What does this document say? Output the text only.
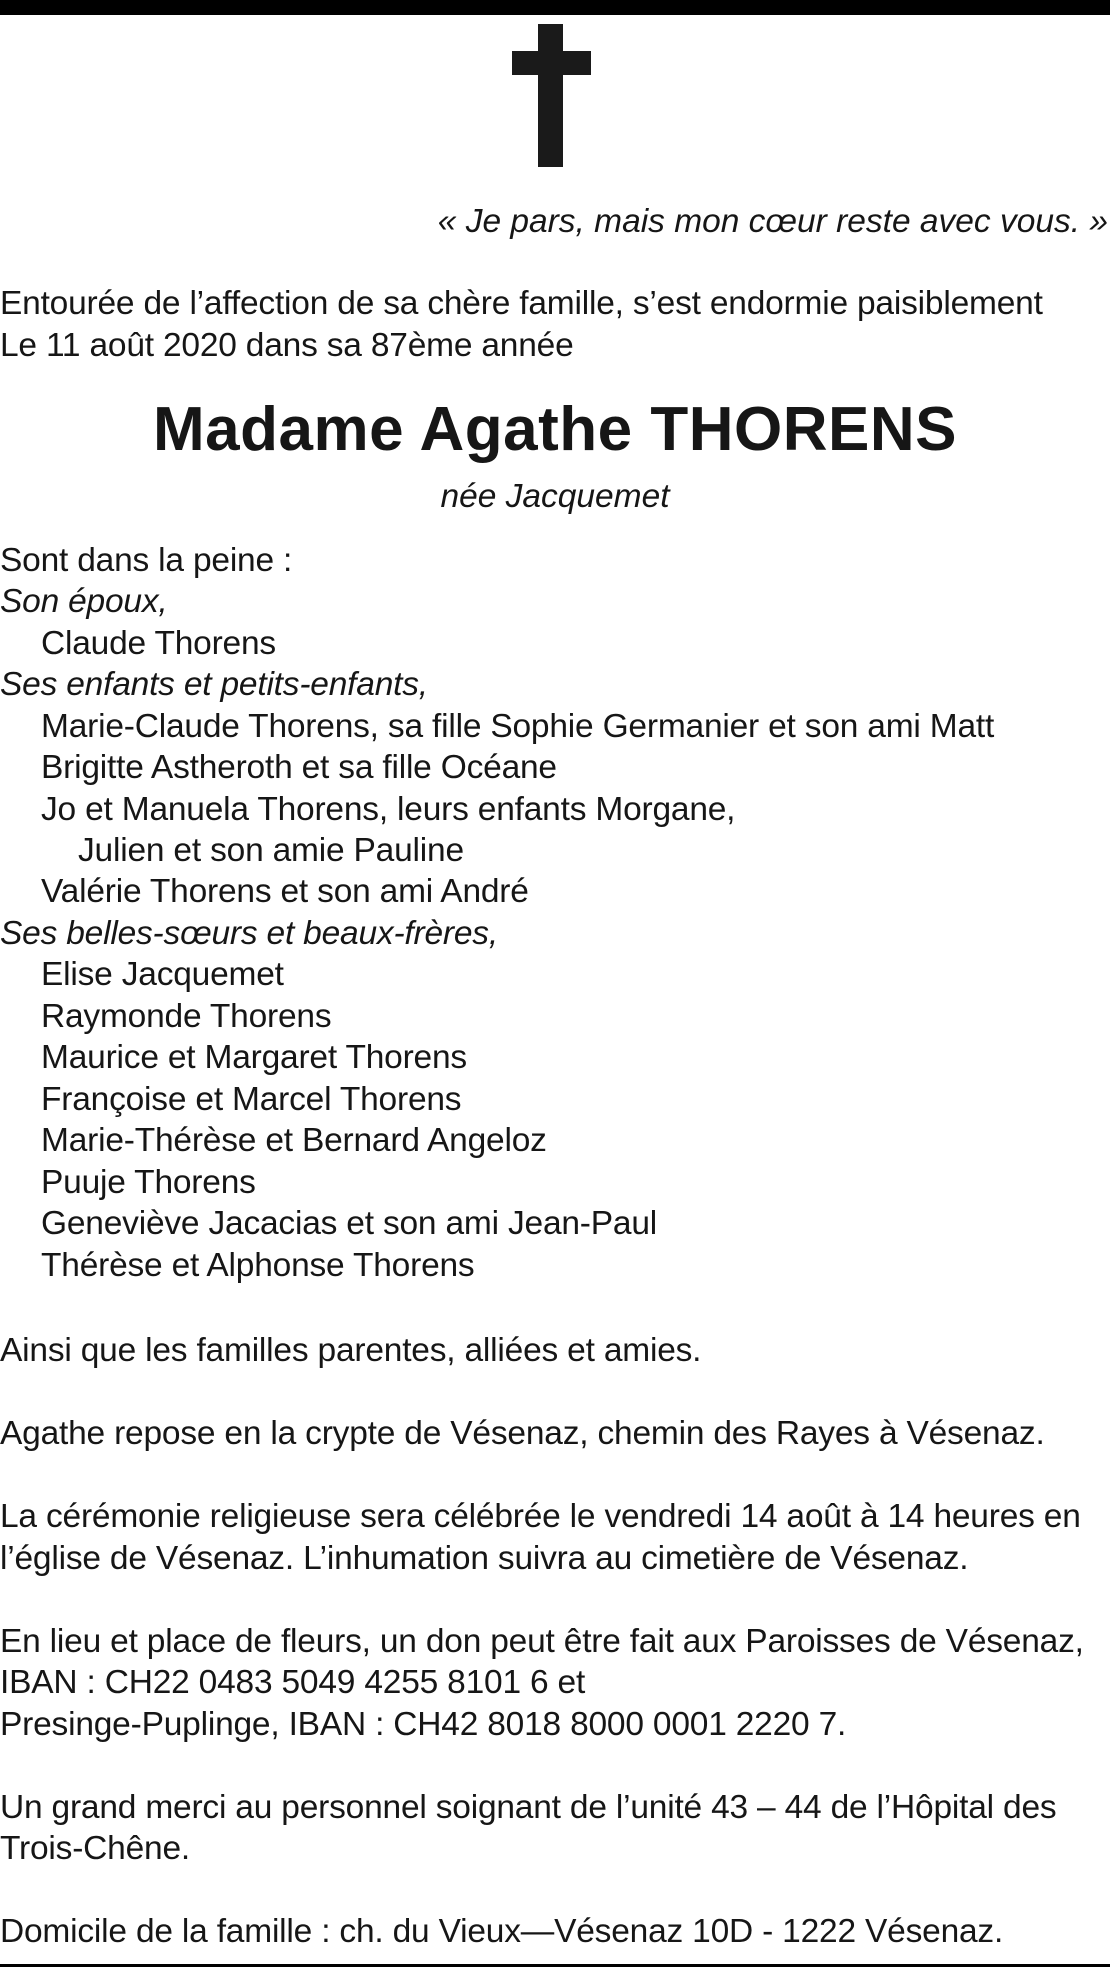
« Je pars, mais mon cœur reste avec vous. »
Entourée de l’affection de sa chère famille, s’est endormie paisiblement
Le 11 août 2020 dans sa 87ème année
Madame Agathe THORENS
née Jacquemet
Sont dans la peine :
Son époux,
Claude Thorens
Ses enfants et petits-enfants,
Marie-Claude Thorens, sa fille Sophie Germanier et son ami Matt
Brigitte Astheroth et sa fille Océane
Jo et Manuela Thorens, leurs enfants Morgane,
Julien et son amie Pauline
Valérie Thorens et son ami André
Ses belles-sœurs et beaux-frères,
Elise Jacquemet
Raymonde Thorens
Maurice et Margaret Thorens
Françoise et Marcel Thorens
Marie-Thérèse et Bernard Angeloz
Puuje Thorens
Geneviève Jacacias et son ami Jean-Paul
Thérèse et Alphonse Thorens
Ainsi que les familles parentes, alliées et amies.
Agathe repose en la crypte de Vésenaz, chemin des Rayes à Vésenaz.
La cérémonie religieuse sera célébrée le vendredi 14 août à 14 heures en
l’église de Vésenaz. L’inhumation suivra au cimetière de Vésenaz.
En lieu et place de fleurs, un don peut être fait aux Paroisses de Vésenaz,
IBAN : CH22 0483 5049 4255 8101 6 et
Presinge-Puplinge, IBAN : CH42 8018 8000 0001 2220 7.
Un grand merci au personnel soignant de l’unité 43 – 44 de l’Hôpital des
Trois-Chêne.
Domicile de la famille : ch. du Vieux—Vésenaz 10D - 1222 Vésenaz.
